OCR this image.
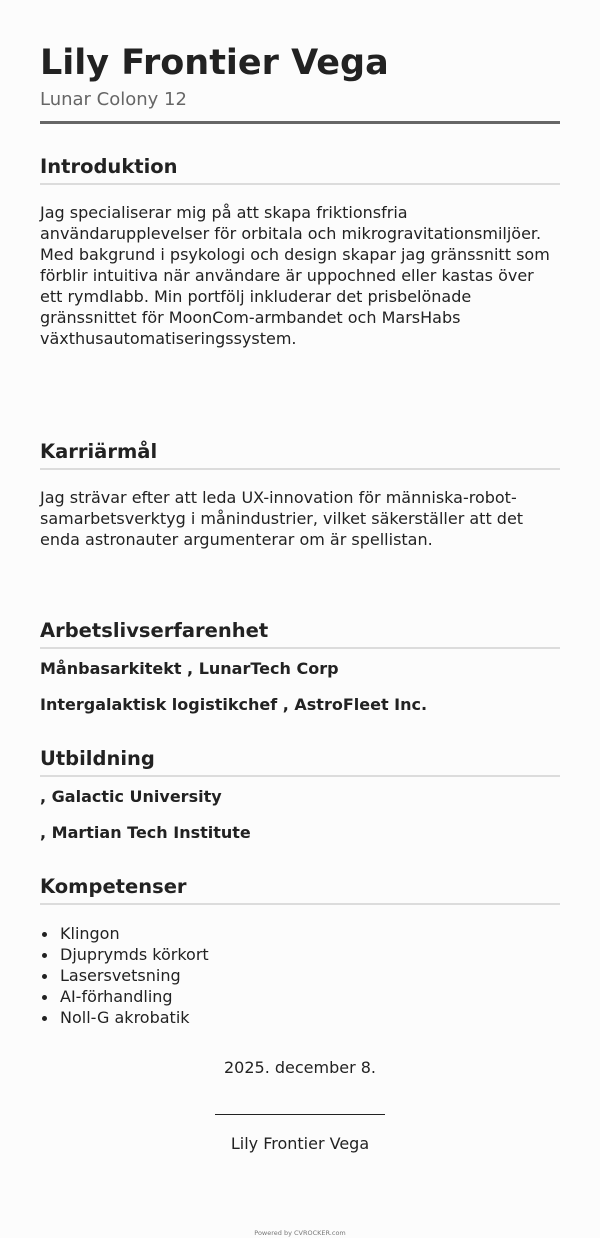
Lily Frontier Vega
Lunar Colony 12
Introduktion
Jag specialiserar mig på att skapa friktionsfria användarupplevelser för orbitala och mikrogravitationsmiljöer. Med bakgrund i psykologi och design skapar jag gränssnitt som förblir intuitiva när användare är uppochned eller kastas över ett rymdlabb. Min portfölj inkluderar det prisbelönade gränssnittet för MoonCom-armbandet och MarsHabs växthusautomatiseringssystem.
Karriärmål
Jag strävar efter att leda UX-innovation för människa-robot-samarbetsverktyg i månindustrier, vilket säkerställer att det enda astronauter argumenterar om är spellistan.
Arbetslivserfarenhet
Månbasarkitekt , LunarTech Corp
Intergalaktisk logistikchef , AstroFleet Inc.
Utbildning
, Galactic University
, Martian Tech Institute
Kompetenser
Klingon
Djuprymds körkort
Lasersvetsning
AI-förhandling
Noll-G akrobatik
2025. december 8.
Lily Frontier Vega
Powered by CVROCKER.com
